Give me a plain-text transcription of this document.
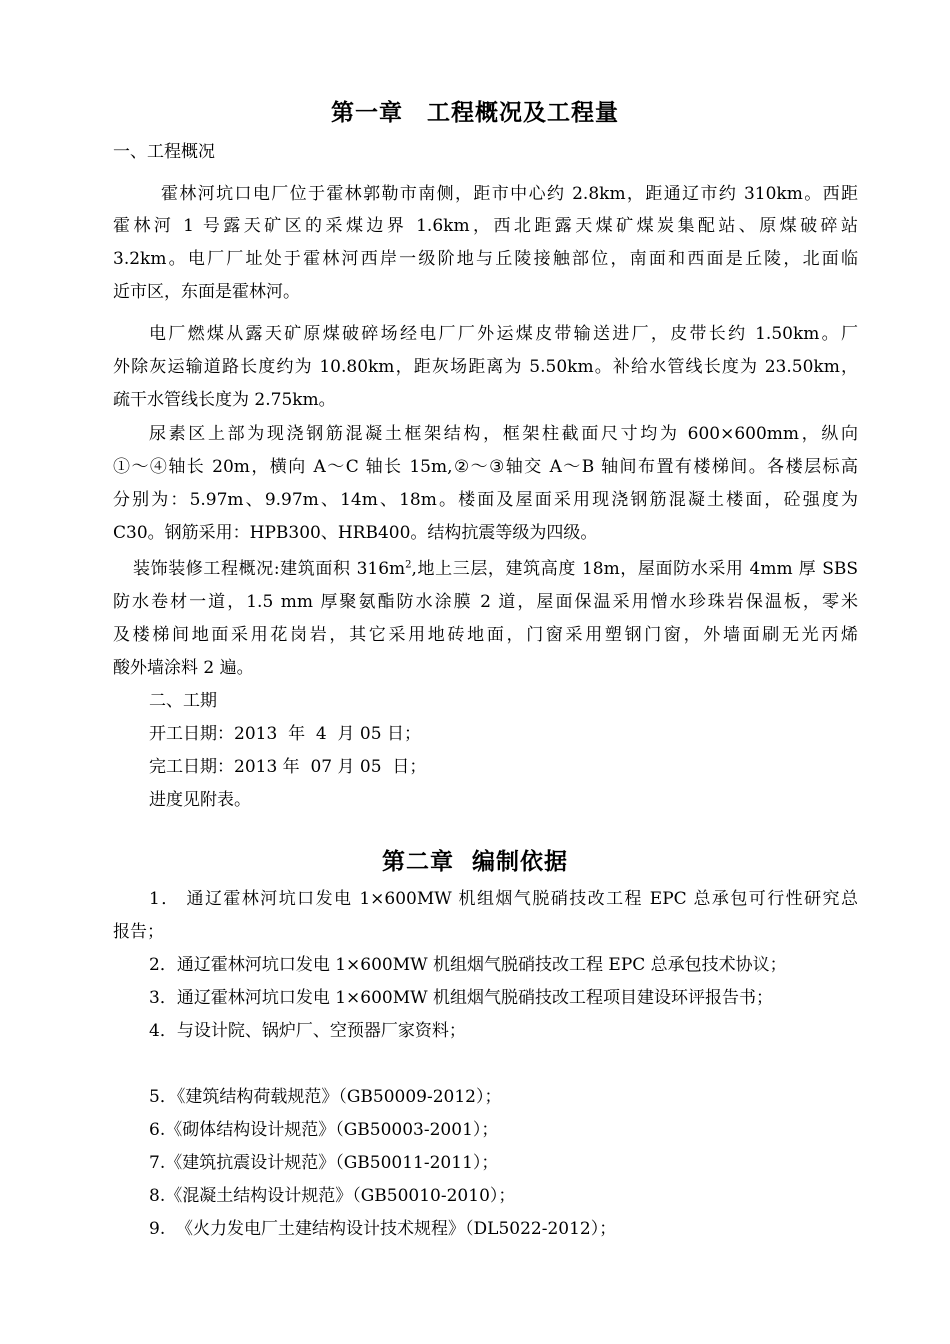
第一章　工程概况及工程量
一、工程概况
霍林河坑口电厂位于霍林郭勒市南侧，距市中心约 2.8km，距通辽市约 310km。西距
霍林河 1 号露天矿区的采煤边界 1.6km，西北距露天煤矿煤炭集配站、原煤破碎站
3.2km。电厂厂址处于霍林河西岸一级阶地与丘陵接触部位，南面和西面是丘陵，北面临
近市区，东面是霍林河。
电厂燃煤从露天矿原煤破碎场经电厂厂外运煤皮带输送进厂，皮带长约 1.50km。厂
外除灰运输道路长度约为 10.80km，距灰场距离为 5.50km。补给水管线长度为 23.50km，
疏干水管线长度为 2.75km。
尿素区上部为现浇钢筋混凝土框架结构，框架柱截面尺寸均为 600×600mm，纵向
①～④轴长 20m，横向 A～C 轴长 15m,②～③轴交 A～B 轴间布置有楼梯间。各楼层标高
分别为：5.97m、9.97m、14m、18m。楼面及屋面采用现浇钢筋混凝土楼面，砼强度为
C30。钢筋采用：HPB300、HRB400。结构抗震等级为四级。
装饰装修工程概况:建筑面积 $316m^2$,地上三层，建筑高度 18m，屋面防水采用 4mm 厚 SBS
防水卷材一道，1.5 mm 厚聚氨酯防水涂膜 2 道，屋面保温采用憎水珍珠岩保温板，零米
及楼梯间地面采用花岗岩，其它采用地砖地面，门窗采用塑钢门窗，外墙面刷无光丙烯
酸外墙涂料 2 遍。
二、工期
开工日期：2013  年  4  月 05 日；
完工日期：2013 年  07 月 05  日；
进度见附表。
第二章  编制依据
1． 通辽霍林河坑口发电 1×600MW 机组烟气脱硝技改工程 EPC 总承包可行性研究总
报告；
2．通辽霍林河坑口发电 1×600MW 机组烟气脱硝技改工程 EPC 总承包技术协议；
3．通辽霍林河坑口发电 1×600MW 机组烟气脱硝技改工程项目建设环评报告书；
4．与设计院、锅炉厂、空预器厂家资料；
5．《建筑结构荷载规范》（GB50009-2012）；
6.《砌体结构设计规范》（GB50003-2001）；
7.《建筑抗震设计规范》（GB50011-2011）；
8.《混凝土结构设计规范》（GB50010-2010）；
9.  《火力发电厂土建结构设计技术规程》（DL5022-2012）；
